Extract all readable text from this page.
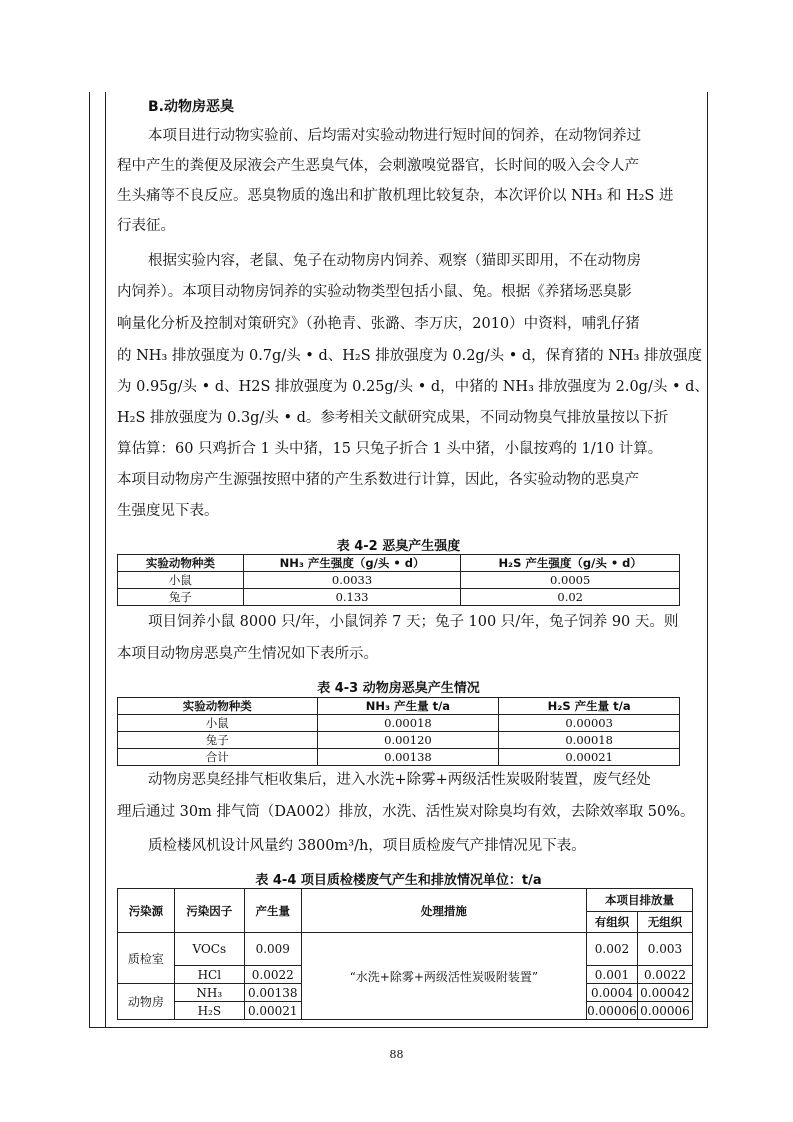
B.动物房恶臭
本项目进行动物实验前、后均需对实验动物进行短时间的饲养，在动物饲养过
程中产生的粪便及尿液会产生恶臭气体，会刺激嗅觉器官，长时间的吸入会令人产
生头痛等不良反应。恶臭物质的逸出和扩散机理比较复杂，本次评价以 NH₃ 和 H₂S 进
行表征。
根据实验内容，老鼠、兔子在动物房内饲养、观察（猫即买即用，不在动物房
内饲养）。本项目动物房饲养的实验动物类型包括小鼠、兔。根据《养猪场恶臭影
响量化分析及控制对策研究》（孙艳青、张潞、李万庆，2010）中资料，哺乳仔猪
的 NH₃ 排放强度为 0.7g/头 • d、H₂S 排放强度为 0.2g/头 • d，保育猪的 NH₃ 排放强度
为 0.95g/头 • d、H2S 排放强度为 0.25g/头 • d，中猪的 NH₃ 排放强度为 2.0g/头 • d、
H₂S 排放强度为 0.3g/头 • d。参考相关文献研究成果，不同动物臭气排放量按以下折
算估算：60 只鸡折合 1 头中猪，15 只兔子折合 1 头中猪，小鼠按鸡的 1/10 计算。
本项目动物房产生源强按照中猪的产生系数进行计算，因此，各实验动物的恶臭产
生强度见下表。
表 4-2 恶臭产生强度
实验动物种类	NH₃ 产生强度（g/头 • d）	H₂S 产生强度（g/头 • d）
小鼠	0.0033	0.0005
兔子	0.133	0.02
项目饲养小鼠 8000 只/年，小鼠饲养 7 天；兔子 100 只/年，兔子饲养 90 天。则
本项目动物房恶臭产生情况如下表所示。
表 4-3 动物房恶臭产生情况
实验动物种类	NH₃ 产生量 t/a	H₂S 产生量 t/a
小鼠	0.00018	0.00003
兔子	0.00120	0.00018
合计	0.00138	0.00021
动物房恶臭经排气柜收集后，进入水洗+除雾+两级活性炭吸附装置，废气经处
理后通过 30m 排气筒（DA002）排放，水洗、活性炭对除臭均有效，去除效率取 50%。
质检楼风机设计风量约 3800m³/h，项目质检废气产排情况见下表。
表 4-4 项目质检楼废气产生和排放情况单位：t/a
污染源	污染因子	产生量	处理措施	本项目排放量	
				有组织	无组织
质检室	VOCs	0.009	“水洗+除雾+两级活性炭吸附装置”	0.002	0.003
	HCl	0.0022		0.001	0.0022
动物房	NH₃	0.00138		0.0004	0.00042
	H₂S	0.00021		0.00006	0.00006
88
